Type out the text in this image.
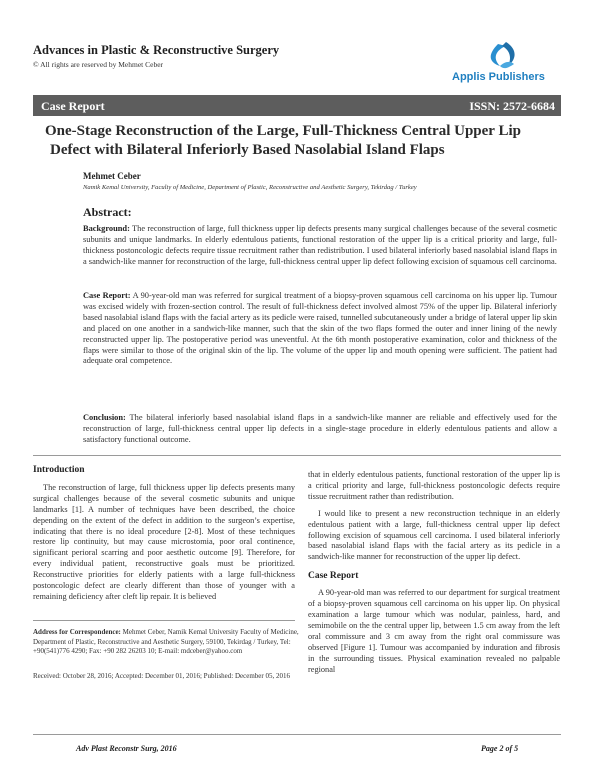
Advances in Plastic & Reconstructive Surgery
© All rights are reserved by Mehmet Ceber
Applis Publishers
Case Report	ISSN: 2572-6684
One-Stage Reconstruction of the Large, Full-Thickness Central Upper Lip
Defect with Bilateral Inferiorly Based Nasolabial Island Flaps
Mehmet Ceber
Namik Kemal University, Faculty of Medicine, Department of Plastic, Reconstructive and Aesthetic Surgery, Tekirdag / Turkey
Abstract:
Background: The reconstruction of large, full thickness upper lip defects presents many surgical challenges because of the several cosmetic subunits and unique landmarks. In elderly edentulous patients, functional restoration of the upper lip is a critical priority and large, full-thickness postoncologic defects require tissue recruitment rather than redistribution. I used bilateral inferiorly based nasolabial island flaps in a sandwich-like manner for reconstruction of the large, full-thickness central upper lip defect following excision of squamous cell carcinoma.
Case Report: A 90-year-old man was referred for surgical treatment of a biopsy-proven squamous cell carcinoma on his upper lip. Tumour was excised widely with frozen-section control. The result of full-thickness defect involved almost 75% of the upper lip. Bilateral inferiorly based nasolabial island flaps with the facial artery as its pedicle were raised, tunnelled subcutaneously under a bridge of lateral upper lip skin and placed on one another in a sandwich-like manner, such that the skin of the two flaps formed the outer and inner lining of the newly reconstructed upper lip. The postoperative period was uneventful. At the 6th month postoperative examination, color and thickness of the flaps were similar to those of the original skin of the lip. The volume of the upper lip and mouth opening were sufficient. The patient had adequate oral competence.
Conclusion: The bilateral inferiorly based nasolabial island flaps in a sandwich-like manner are reliable and effectively used for the reconstruction of large, full-thickness central upper lip defects in a single-stage procedure in elderly edentulous patients and allow a satisfactory functional outcome.
Introduction

The reconstruction of large, full thickness upper lip defects presents many surgical challenges because of the several cosmetic subunits and unique landmarks [1]. A number of techniques have been described, the choice depending on the extent of the defect in addition to the surgeon’s expertise, indicating that there is no ideal procedure [2-8]. Most of these techniques restore lip continuity, but may cause microstomia, poor oral continence, significant perioral scarring and poor aesthetic outcome [9]. Therefore, for every individual patient, reconstructive goals must be prioritized. Reconstructive priorities for elderly patients with a large full-thickness postoncologic defect are clearly different than those of younger with a remaining deficiency after cleft lip repair. It is believed

Address for Correspondence: Mehmet Ceber, Namik Kemal University Faculty of Medicine, Department of Plastic, Reconstructive and Aesthetic Surgery, 59100, Tekirdag / Turkey, Tel: +90(541)776 4290; Fax: +90 282 26203 10; E-mail: mdceber@yahoo.com
Received: October 28, 2016; Accepted: December 01, 2016; Published: December 05, 2016

that in elderly edentulous patients, functional restoration of the upper lip is a critical priority and large, full-thickness postoncologic defects require tissue recruitment rather than redistribution.

I would like to present a new reconstruction technique in an elderly edentulous patient with a large, full-thickness central upper lip defect following excision of squamous cell carcinoma. I used bilateral inferiorly based nasolabial island flaps with the facial artery as its pedicle in a sandwich-like manner for reconstruction of the upper lip defect.

Case Report

A 90-year-old man was referred to our department for surgical treatment of a biopsy-proven squamous cell carcinoma on his upper lip. On physical examination a large tumour which was nodular, painless, hard, and semimobile on the the central upper lip, between 1.5 cm away from the left oral commissure and 3 cm away from the right oral commissure was observed [Figure 1]. Tumour was accompanied by induration and fibrosis in the surrounding tissues. Physical examination revealed no palpable regional

Adv Plast Reconstr Surg, 2016	Page 2 of 5
